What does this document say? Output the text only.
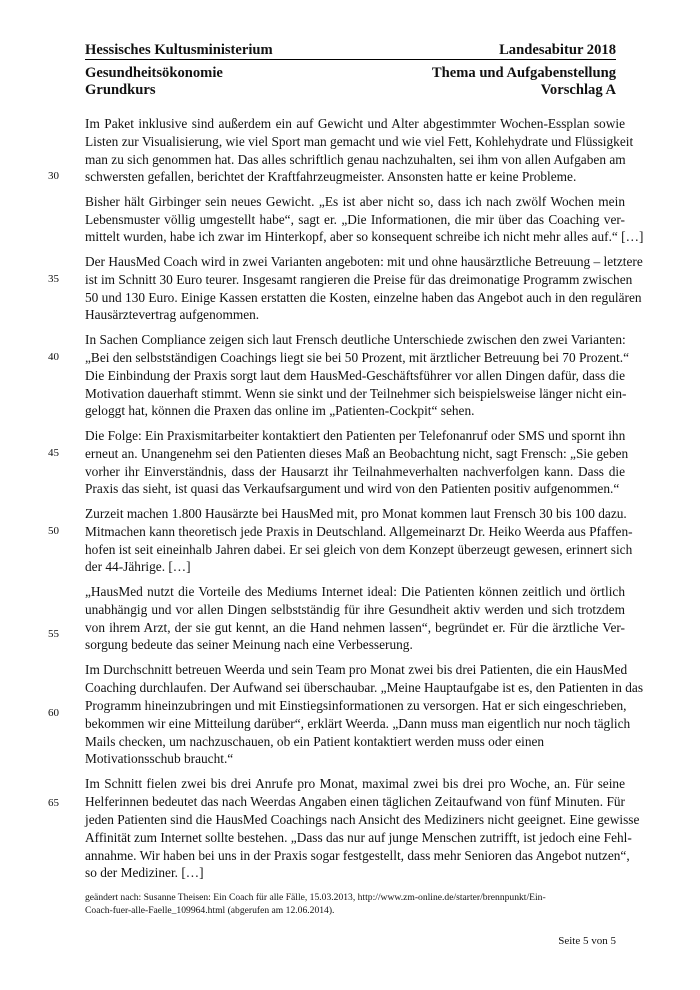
Hessisches Kultusministerium	Landesabitur 2018
Gesundheitsökonomie	Thema und Aufgabenstellung
Grundkurs	Vorschlag A
Im Paket inklusive sind außerdem ein auf Gewicht und Alter abgestimmter Wochen-Essplan sowie
Listen zur Visualisierung, wie viel Sport man gemacht und wie viel Fett, Kohlehydrate und Flüssigkeit
man zu sich genommen hat. Das alles schriftlich genau nachzuhalten, sei ihm von allen Aufgaben am
schwersten gefallen, berichtet der Kraftfahrzeugmeister. Ansonsten hatte er keine Probleme.
Bisher hält Girbinger sein neues Gewicht. „Es ist aber nicht so, dass ich nach zwölf Wochen mein
Lebensmuster völlig umgestellt habe“, sagt er. „Die Informationen, die mir über das Coaching ver-
mittelt wurden, habe ich zwar im Hinterkopf, aber so konsequent schreibe ich nicht mehr alles auf.“ […]
Der HausMed Coach wird in zwei Varianten angeboten: mit und ohne hausärztliche Betreuung – letztere
ist im Schnitt 30 Euro teurer. Insgesamt rangieren die Preise für das dreimonatige Programm zwischen
50 und 130 Euro. Einige Kassen erstatten die Kosten, einzelne haben das Angebot auch in den regulären
Hausärztevertrag aufgenommen.
In Sachen Compliance zeigen sich laut Frensch deutliche Unterschiede zwischen den zwei Varianten:
„Bei den selbstständigen Coachings liegt sie bei 50 Prozent, mit ärztlicher Betreuung bei 70 Prozent.“
Die Einbindung der Praxis sorgt laut dem HausMed-Geschäftsführer vor allen Dingen dafür, dass die
Motivation dauerhaft stimmt. Wenn sie sinkt und der Teilnehmer sich beispielsweise länger nicht ein-
geloggt hat, können die Praxen das online im „Patienten-Cockpit“ sehen.
Die Folge: Ein Praxismitarbeiter kontaktiert den Patienten per Telefonanruf oder SMS und spornt ihn
erneut an. Unangenehm sei den Patienten dieses Maß an Beobachtung nicht, sagt Frensch: „Sie geben
vorher ihr Einverständnis, dass der Hausarzt ihr Teilnahmeverhalten nachverfolgen kann. Dass die
Praxis das sieht, ist quasi das Verkaufsargument und wird von den Patienten positiv aufgenommen.“
Zurzeit machen 1.800 Hausärzte bei HausMed mit, pro Monat kommen laut Frensch 30 bis 100 dazu.
Mitmachen kann theoretisch jede Praxis in Deutschland. Allgemeinarzt Dr. Heiko Weerda aus Pfaffen-
hofen ist seit eineinhalb Jahren dabei. Er sei gleich von dem Konzept überzeugt gewesen, erinnert sich
der 44-Jährige. […]
„HausMed nutzt die Vorteile des Mediums Internet ideal: Die Patienten können zeitlich und örtlich
unabhängig und vor allen Dingen selbstständig für ihre Gesundheit aktiv werden und sich trotzdem
von ihrem Arzt, der sie gut kennt, an die Hand nehmen lassen“, begründet er. Für die ärztliche Ver-
sorgung bedeute das seiner Meinung nach eine Verbesserung.
Im Durchschnitt betreuen Weerda und sein Team pro Monat zwei bis drei Patienten, die ein HausMed
Coaching durchlaufen. Der Aufwand sei überschaubar. „Meine Hauptaufgabe ist es, den Patienten in das
Programm hineinzubringen und mit Einstiegsinformationen zu versorgen. Hat er sich eingeschrieben,
bekommen wir eine Mitteilung darüber“, erklärt Weerda. „Dann muss man eigentlich nur noch täglich
Mails checken, um nachzuschauen, ob ein Patient kontaktiert werden muss oder einen
Motivationsschub braucht.“
Im Schnitt fielen zwei bis drei Anrufe pro Monat, maximal zwei bis drei pro Woche, an. Für seine
Helferinnen bedeutet das nach Weerdas Angaben einen täglichen Zeitaufwand von fünf Minuten. Für
jeden Patienten sind die HausMed Coachings nach Ansicht des Mediziners nicht geeignet. Eine gewisse
Affinität zum Internet sollte bestehen. „Dass das nur auf junge Menschen zutrifft, ist jedoch eine Fehl-
annahme. Wir haben bei uns in der Praxis sogar festgestellt, dass mehr Senioren das Angebot nutzen“,
so der Mediziner. […]
30
35
40
45
50
55
60
65
geändert nach: Susanne Theisen: Ein Coach für alle Fälle, 15.03.2013, http://www.zm-online.de/starter/brennpunkt/Ein-
Coach-fuer-alle-Faelle_109964.html (abgerufen am 12.06.2014).
Seite 5 von 5
